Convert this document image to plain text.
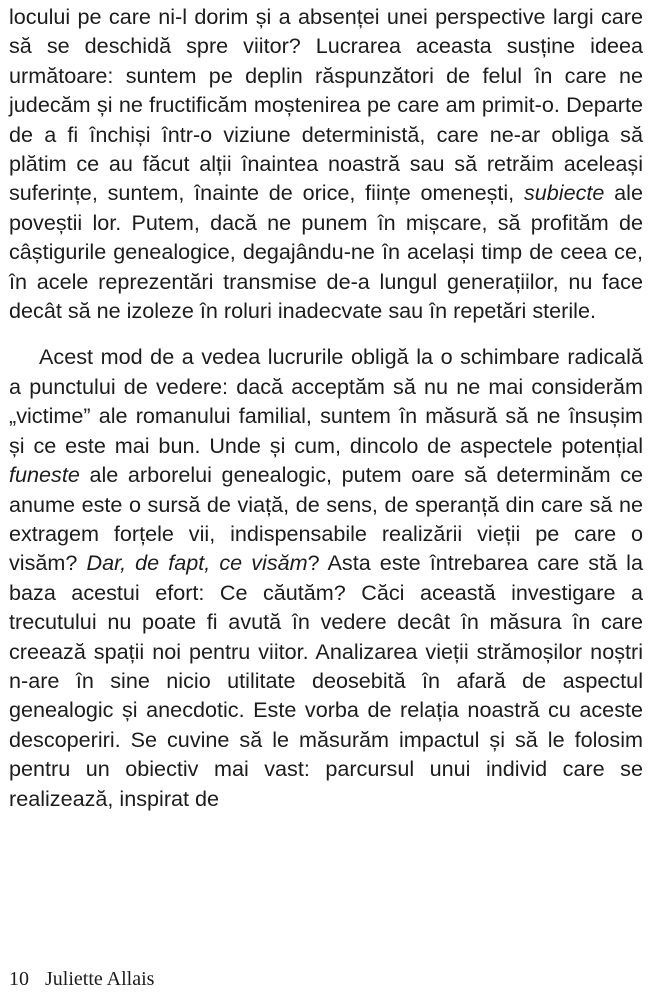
locului pe care ni-l dorim și a absenței unei perspective largi care să se deschidă spre viitor? Lucrarea aceasta susține ideea următoare: suntem pe deplin răspunzători de felul în care ne judecăm și ne fructificăm moștenirea pe care am primit-o. Departe de a fi închiși într-o viziune deterministă, care ne-ar obliga să plătim ce au făcut alții înaintea noastră sau să retrăim aceleași suferințe, suntem, înainte de orice, ființe omenești, subiecte ale poveștii lor. Putem, dacă ne punem în mișcare, să profităm de câștigurile genealogice, degajându-ne în același timp de ceea ce, în acele reprezentări transmise de-a lungul generațiilor, nu face decât să ne izoleze în roluri inadecvate sau în repetări sterile.

Acest mod de a vedea lucrurile obligă la o schimbare radicală a punctului de vedere: dacă acceptăm să nu ne mai considerăm „victime” ale romanului familial, suntem în măsură să ne însușim și ce este mai bun. Unde și cum, dincolo de aspectele potențial funeste ale arborelui genealogic, putem oare să determinăm ce anume este o sursă de viață, de sens, de speranță din care să ne extragem forțele vii, indispensabile realizării vieții pe care o visăm? Dar, de fapt, ce visăm? Asta este întrebarea care stă la baza acestui efort: Ce căutăm? Căci această investigare a trecutului nu poate fi avută în vedere decât în măsura în care creează spații noi pentru viitor. Analizarea vieții strămoșilor noștri n-are în sine nicio utilitate deosebită în afară de aspectul genealogic și anecdotic. Este vorba de relația noastră cu aceste descoperiri. Se cuvine să le măsurăm impactul și să le folosim pentru un obiectiv mai vast: parcursul unui individ care se realizează, inspirat de

10 Juliette Allais
